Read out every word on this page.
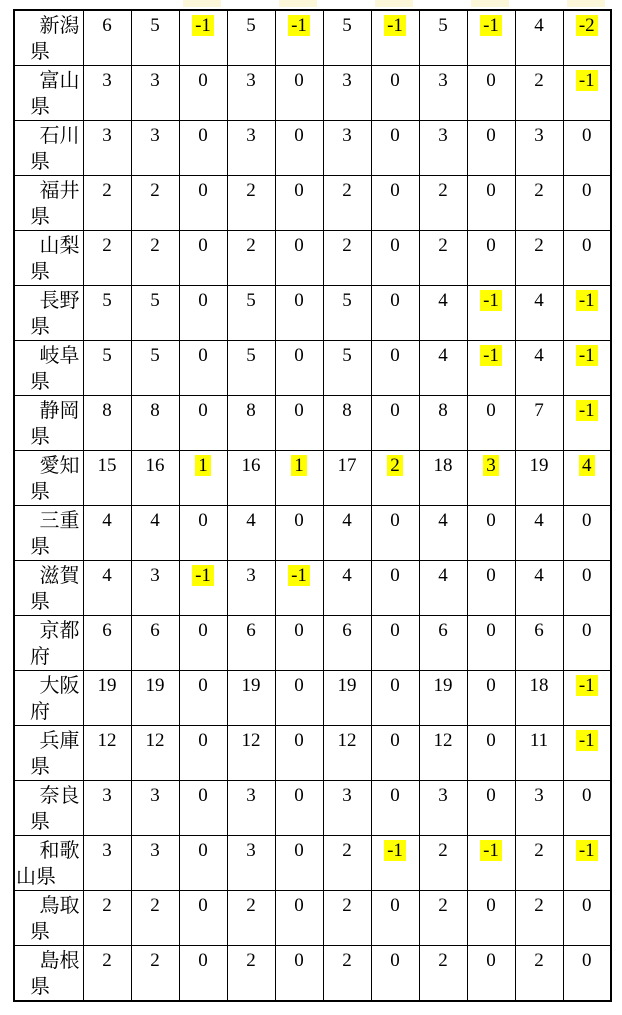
新潟
県	6	5	-1	5	-1	5	-1	5	-1	4	-2

富山
県	3	3	0	3	0	3	0	3	0	2	-1

石川
県	3	3	0	3	0	3	0	3	0	3	0

福井
県	2	2	0	2	0	2	0	2	0	2	0

山梨
県	2	2	0	2	0	2	0	2	0	2	0

長野
県	5	5	0	5	0	5	0	4	-1	4	-1

岐阜
県	5	5	0	5	0	5	0	4	-1	4	-1

静岡
県	8	8	0	8	0	8	0	8	0	7	-1

愛知
県	15	16	1	16	1	17	2	18	3	19	4

三重
県	4	4	0	4	0	4	0	4	0	4	0

滋賀
県	4	3	-1	3	-1	4	0	4	0	4	0

京都
府	6	6	0	6	0	6	0	6	0	6	0

大阪
府	19	19	0	19	0	19	0	19	0	18	-1

兵庫
県	12	12	0	12	0	12	0	12	0	11	-1

奈良
県	3	3	0	3	0	3	0	3	0	3	0

和歌
山県	3	3	0	3	0	2	-1	2	-1	2	-1

鳥取
県	2	2	0	2	0	2	0	2	0	2	0

島根
県	2	2	0	2	0	2	0	2	0	2	0
